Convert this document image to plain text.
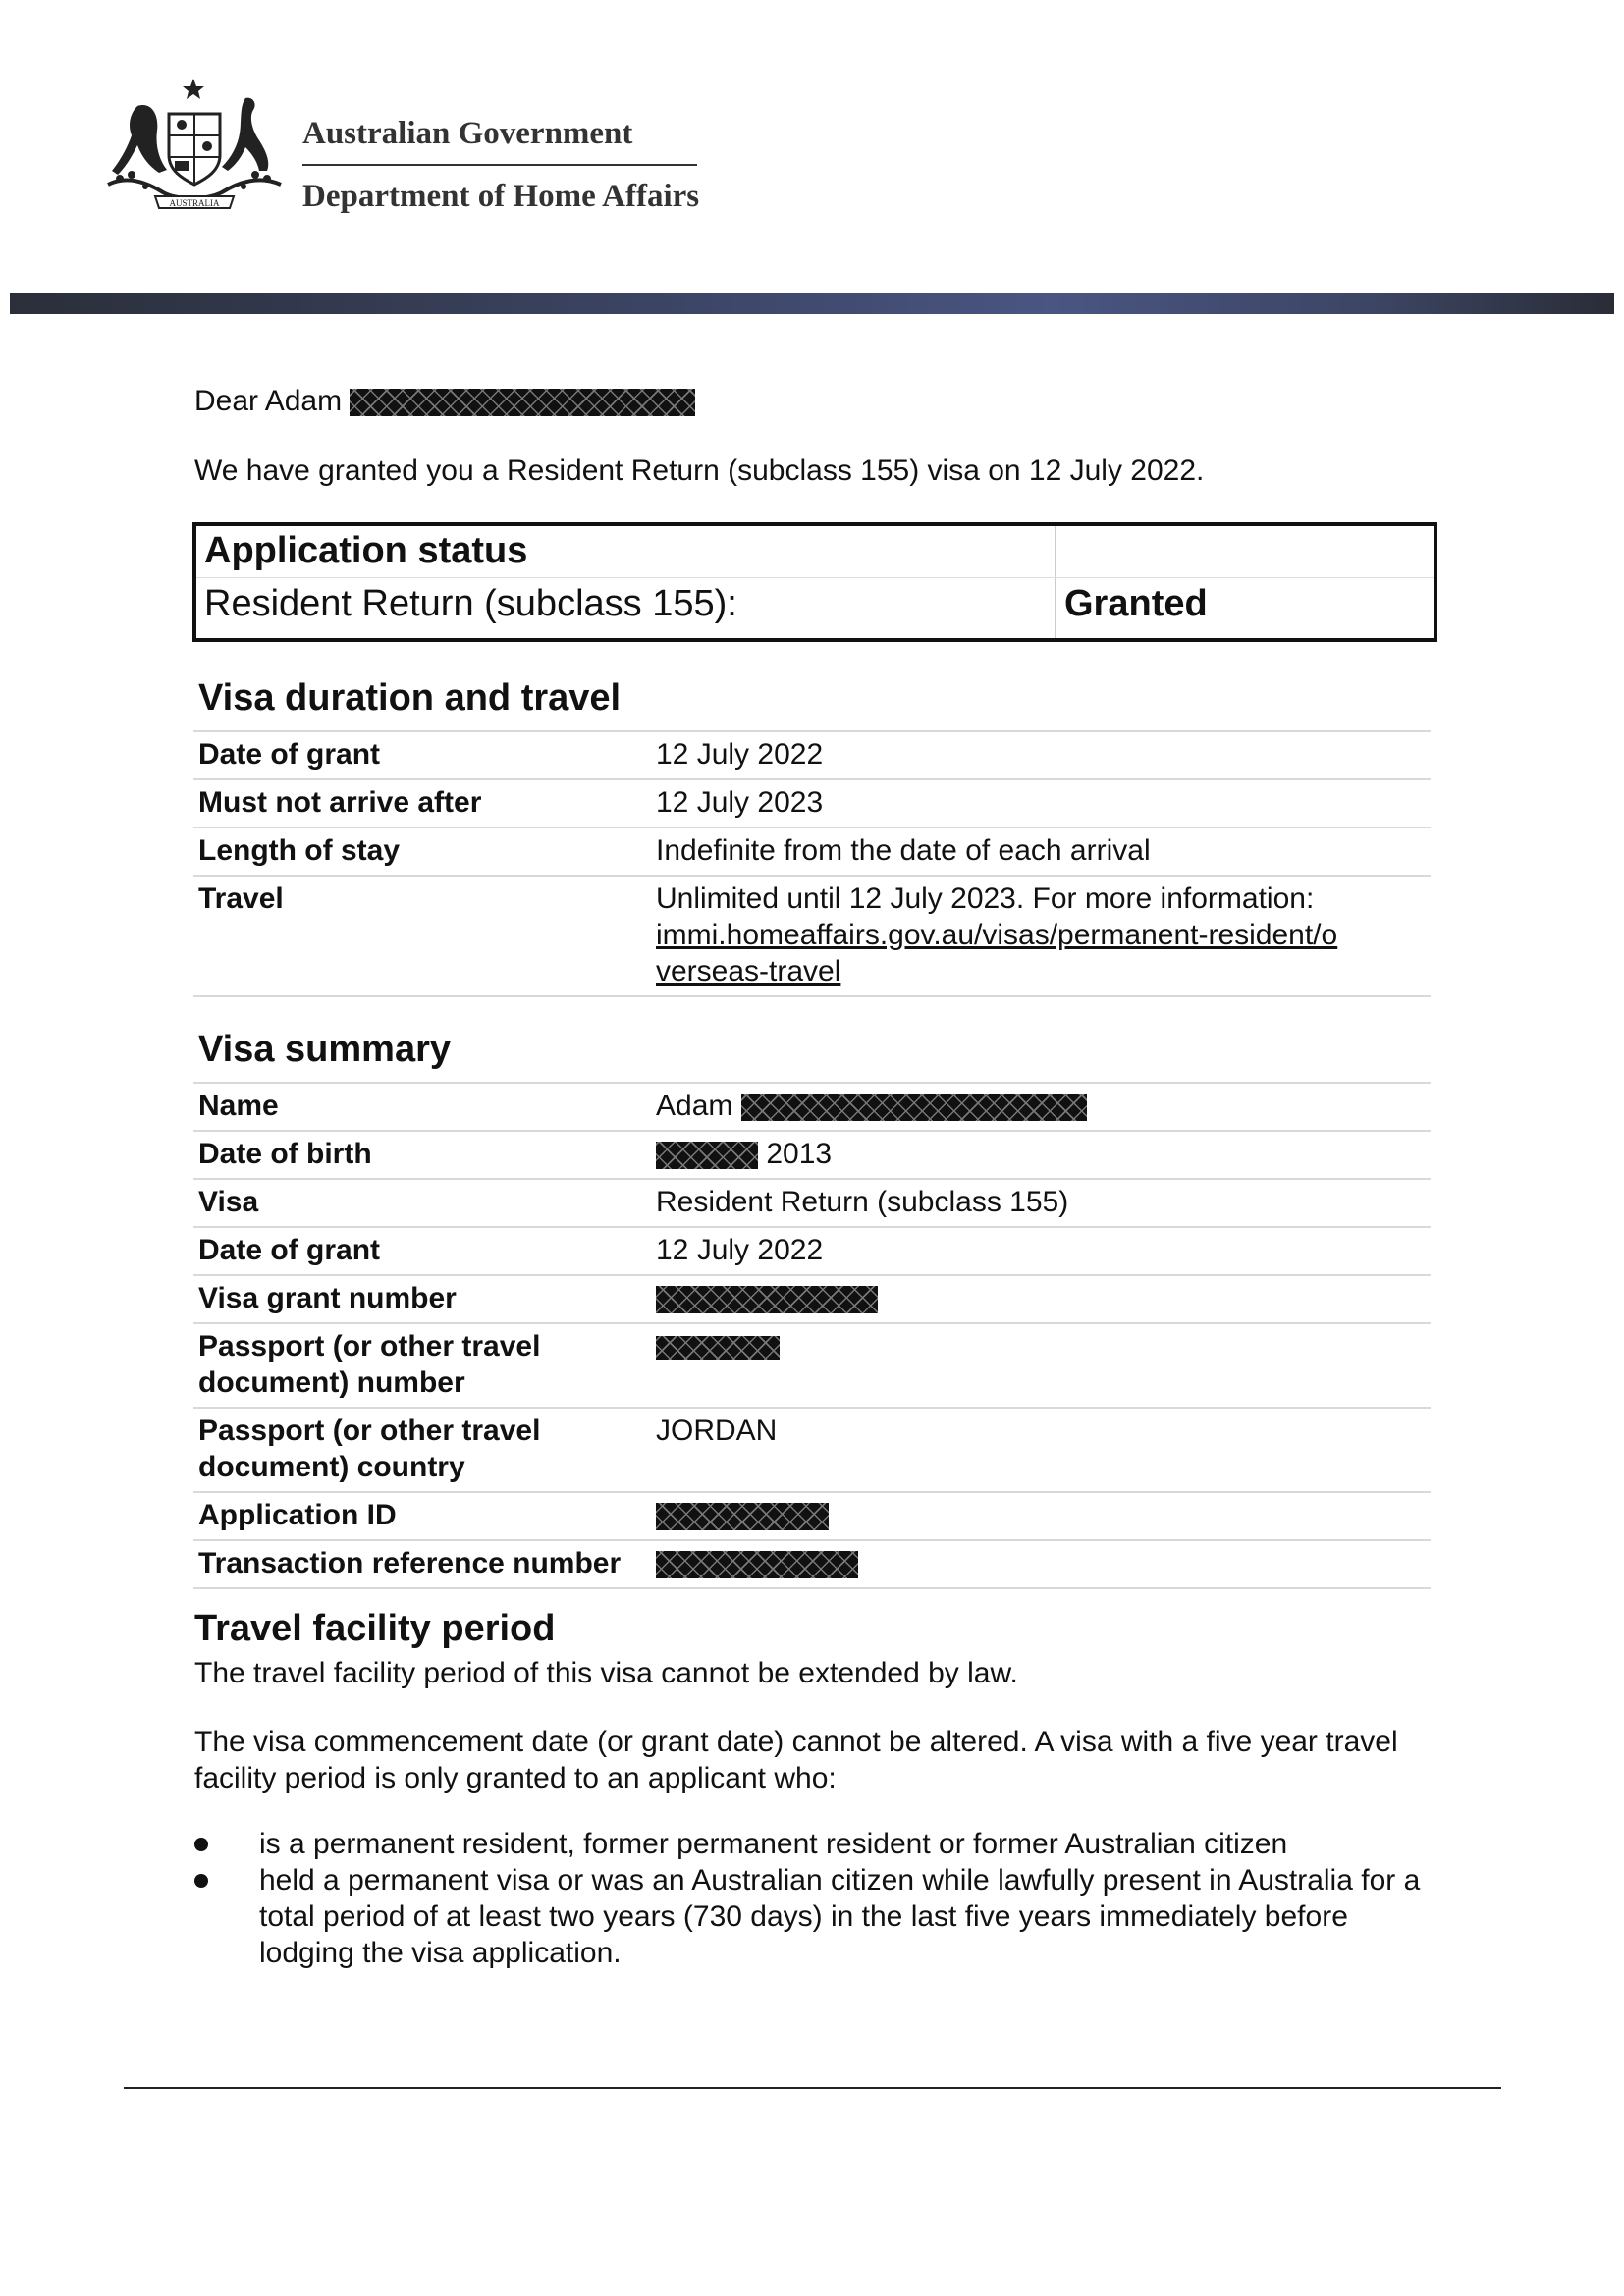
AUSTRALIA
Australian Government
Department of Home Affairs
Dear Adam
We have granted you a Resident Return (subclass 155) visa on 12 July 2022.
Application status
Resident Return (subclass 155):	Granted
Visa duration and travel
Date of grant	12 July 2022
Must not arrive after	12 July 2023
Length of stay	Indefinite from the date of each arrival
Travel	Unlimited until 12 July 2023. For more information:
immi.homeaffairs.gov.au/visas/permanent-resident/overseas-travel
Visa summary
Name	Adam
Date of birth	2013
Visa	Resident Return (subclass 155)
Date of grant	12 July 2022
Visa grant number	
Passport (or other travel document) number	
Passport (or other travel document) country	JORDAN
Application ID	
Transaction reference number	
Travel facility period
The travel facility period of this visa cannot be extended by law.
The visa commencement date (or grant date) cannot be altered. A visa with a five year travel facility period is only granted to an applicant who:
is a permanent resident, former permanent resident or former Australian citizen
held a permanent visa or was an Australian citizen while lawfully present in Australia for a total period of at least two years (730 days) in the last five years immediately before lodging the visa application.
